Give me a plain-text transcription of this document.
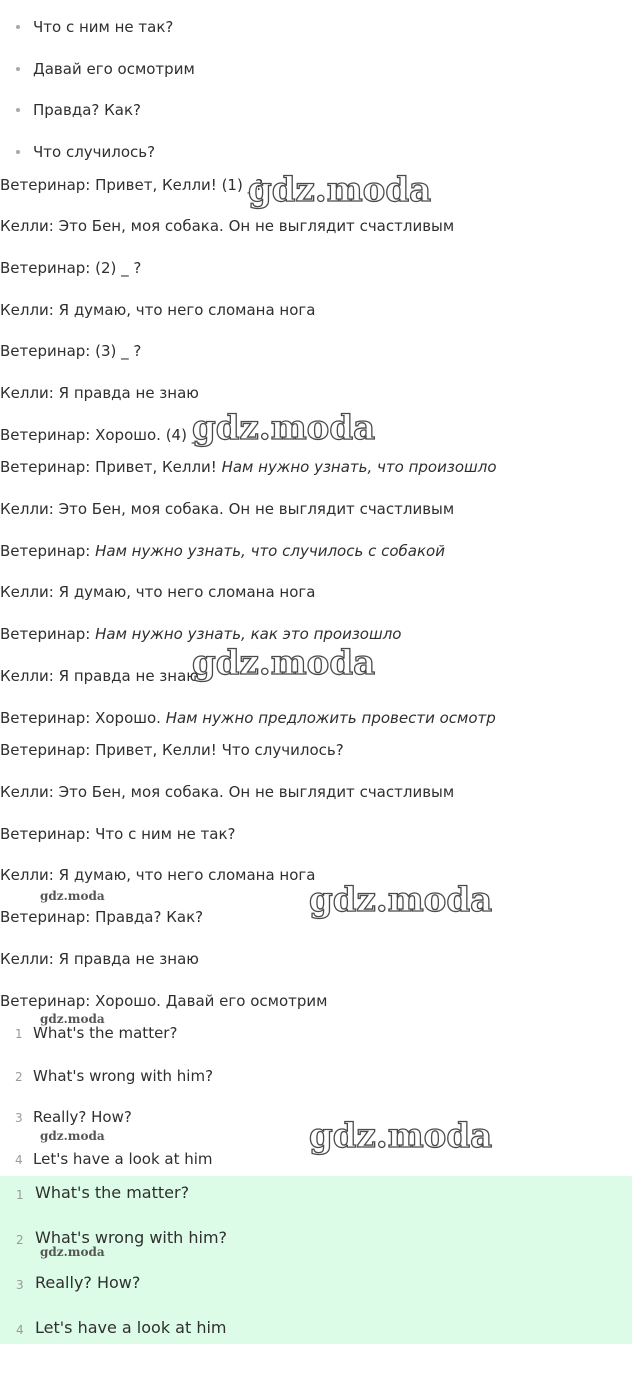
Что с ним не так?
Давай его осмотрим
Правда? Как?
Что случилось?
Ветеринар: Привет, Келли! (1) _?
Келли: Это Бен, моя собака. Он не выглядит счастливым
Ветеринар: (2) _ ?
Келли: Я думаю, что него сломана нога
Ветеринар: (3) _ ?
Келли: Я правда не знаю
Ветеринар: Хорошо. (4) _
Ветеринар: Привет, Келли! Нам нужно узнать, что произошло
Келли: Это Бен, моя собака. Он не выглядит счастливым
Ветеринар: Нам нужно узнать, что случилось с собакой
Келли: Я думаю, что него сломана нога
Ветеринар: Нам нужно узнать, как это произошло
Келли: Я правда не знаю
Ветеринар: Хорошо. Нам нужно предложить провести осмотр
Ветеринар: Привет, Келли! Что случилось?
Келли: Это Бен, моя собака. Он не выглядит счастливым
Ветеринар: Что с ним не так?
Келли: Я думаю, что него сломана нога
Ветеринар: Правда? Как?
Келли: Я правда не знаю
Ветеринар: Хорошо. Давай его осмотрим
1 What's the matter?
2 What's wrong with him?
3 Really? How?
4 Let's have a look at him
1 What's the matter?
2 What's wrong with him?
3 Really? How?
4 Let's have a look at him
gdz.moda
gdz.moda
gdz.moda
gdz.moda
gdz.moda
gdz.moda
gdz.moda
gdz.moda
gdz.moda
